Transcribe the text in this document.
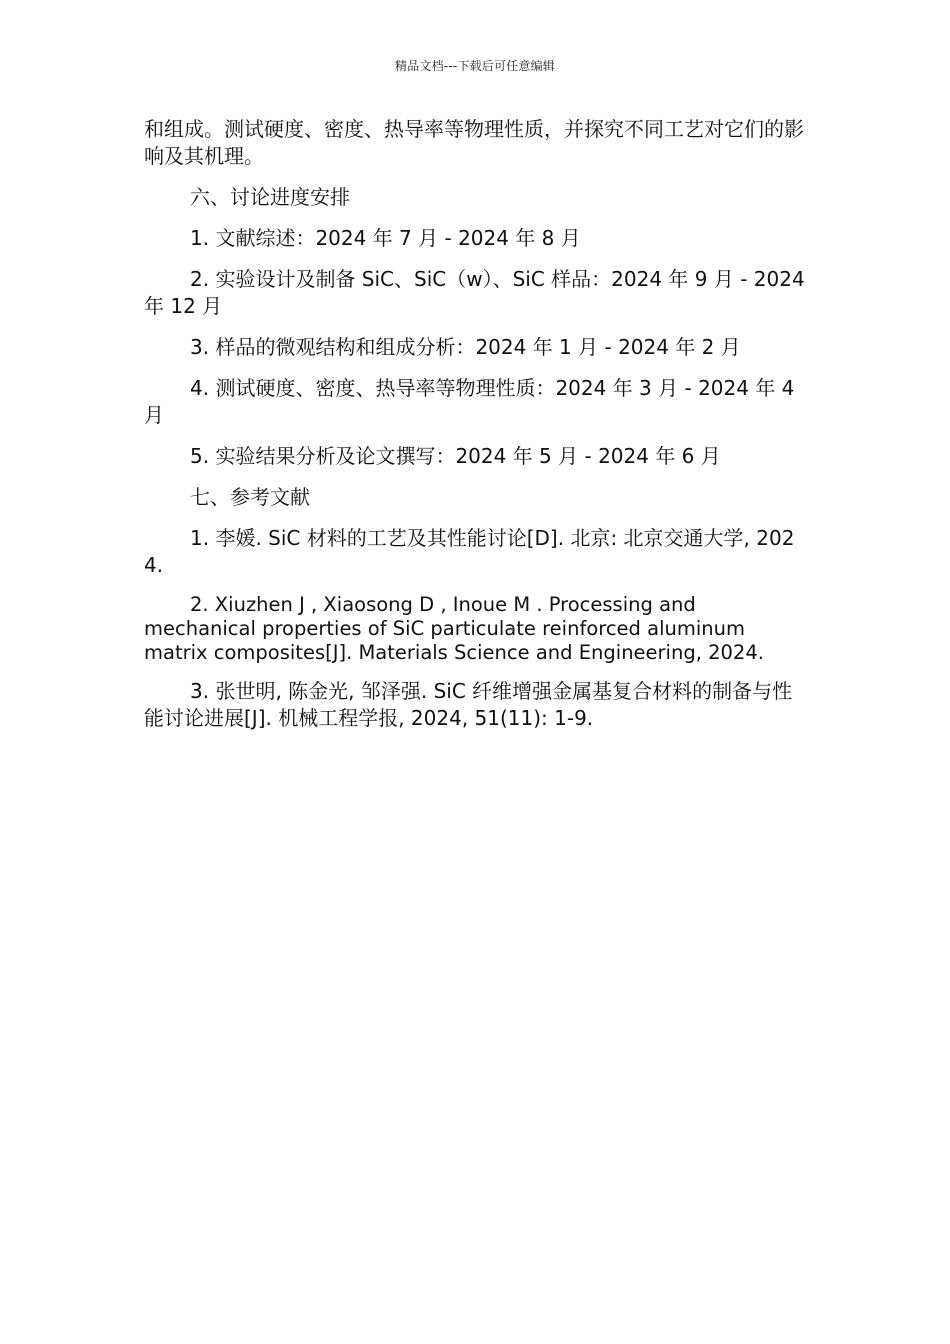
精品文档---下载后可任意编辑

和组成。测试硬度、密度、热导率等物理性质，并探究不同工艺对它们的影响及其机理。

六、讨论进度安排

1. 文献综述：2024 年 7 月 - 2024 年 8 月

2. 实验设计及制备 SiC、SiC（w）、SiC 样品：2024 年 9 月 - 2024 年 12 月

3. 样品的微观结构和组成分析：2024 年 1 月 - 2024 年 2 月

4. 测试硬度、密度、热导率等物理性质：2024 年 3 月 - 2024 年 4 月

5. 实验结果分析及论文撰写：2024 年 5 月 - 2024 年 6 月

七、参考文献

1. 李媛. SiC 材料的工艺及其性能讨论[D]. 北京: 北京交通大学, 2024.

2. Xiuzhen J , Xiaosong D , Inoue M . Processing and mechanical properties of SiC particulate reinforced aluminum matrix composites[J]. Materials Science and Engineering, 2024.

3. 张世明, 陈金光, 邹泽强. SiC 纤维增强金属基复合材料的制备与性能讨论进展[J]. 机械工程学报, 2024, 51(11): 1-9.
